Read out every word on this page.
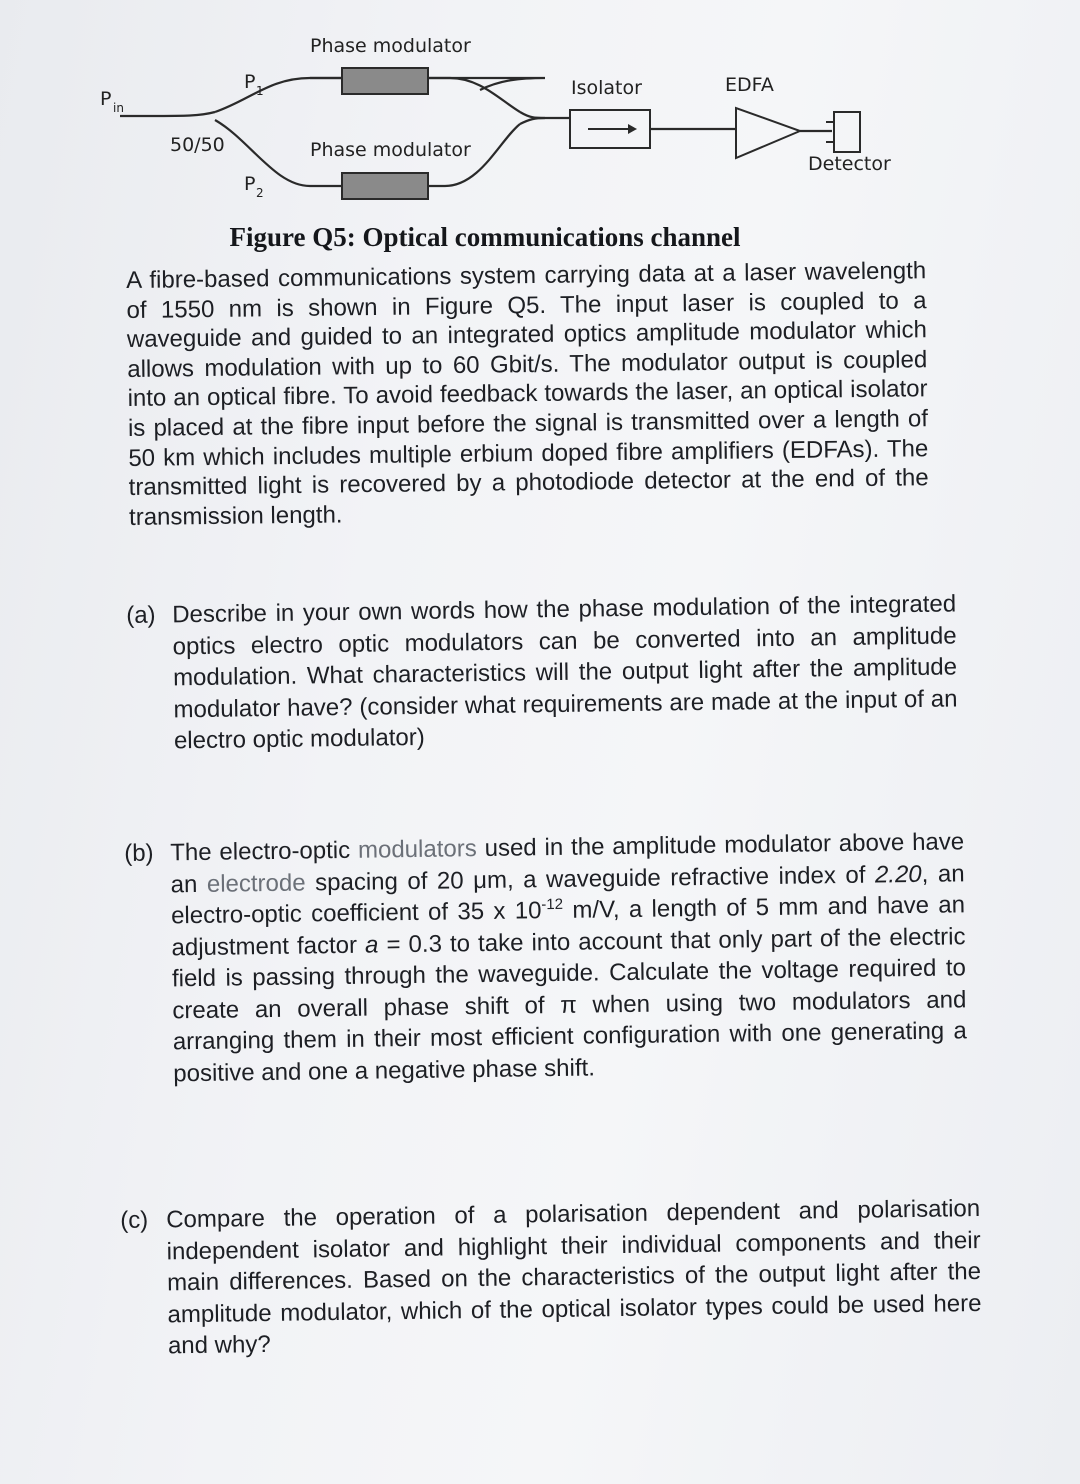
Phase modulator
Phase modulator
Isolator	EDFA
Detector
50/50
P in
P 1
P 2
Figure Q5: Optical communications channel

A fibre-based communications system carrying data at a laser wavelength of 1550 nm is shown in Figure Q5. The input laser is coupled to a waveguide and guided to an integrated optics amplitude modulator which allows modulation with up to 60 Gbit/s. The modulator output is coupled into an optical fibre. To avoid feedback towards the laser, an optical isolator is placed at the fibre input before the signal is transmitted over a length of 50 km which includes multiple erbium doped fibre amplifiers (EDFAs). The transmitted light is recovered by a photodiode detector at the end of the transmission length.

(a) Describe in your own words how the phase modulation of the integrated optics electro optic modulators can be converted into an amplitude modulation. What characteristics will the output light after the amplitude modulator have? (consider what requirements are made at the input of an electro optic modulator)
(b) The electro-optic modulators used in the amplitude modulator above have an electrode spacing of 20 μm, a waveguide refractive index of 2.20, an electro-optic coefficient of 35 x $10^{-12}$ m/V, a length of 5 mm and have an adjustment factor a = 0.3 to take into account that only part of the electric field is passing through the waveguide. Calculate the voltage required to create an overall phase shift of π when using two modulators and arranging them in their most efficient configuration with one generating a positive and one a negative phase shift.
(c) Compare the operation of a polarisation dependent and polarisation independent isolator and highlight their individual components and their main differences. Based on the characteristics of the output light after the amplitude modulator, which of the optical isolator types could be used here and why?
